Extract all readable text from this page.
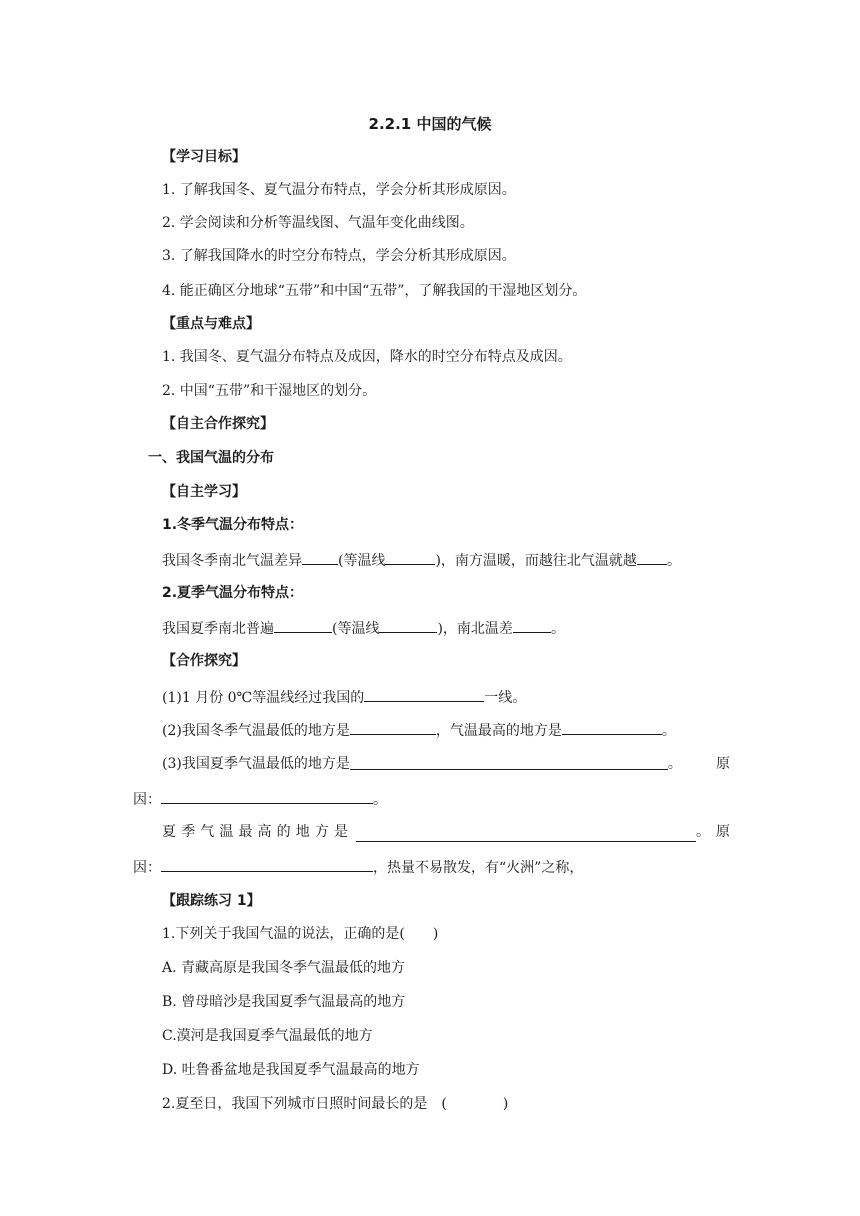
2.2.1 中国的气候
【学习目标】
1. 了解我国冬、夏气温分布特点，学会分析其形成原因。
2. 学会阅读和分析等温线图、气温年变化曲线图。
3. 了解我国降水的时空分布特点，学会分析其形成原因。
4. 能正确区分地球“五带”和中国“五带”，了解我国的干湿地区划分。
【重点与难点】
1. 我国冬、夏气温分布特点及成因，降水的时空分布特点及成因。
2. 中国“五带”和干湿地区的划分。
【自主合作探究】
一、我国气温的分布
【自主学习】
1.冬季气温分布特点：
我国冬季南北气温差异	(等温线	)，南方温暖，而越往北气温就越 。
2.夏季气温分布特点：
我国夏季南北普遍	(等温线	)，南北温差	。
【合作探究】
(1)1 月份 0℃等温线经过我国的	一线。
(2)我国冬季气温最低的地方是	，气温最高的地方是	。
(3)我国夏季气温最低的地方是	。 原
因：	。
夏 季 气 温 最 高 的 地 方 是	。 原
因：	，热量不易散发，有“火洲”之称，
【跟踪练习 1】
1.下列关于我国气温的说法，正确的是(　　)
A. 青藏高原是我国冬季气温最低的地方
B. 曾母暗沙是我国夏季气温最高的地方
C.漠河是我国夏季气温最低的地方
D. 吐鲁番盆地是我国夏季气温最高的地方
2.夏至日，我国下列城市日照时间最长的是　(　　　　)
